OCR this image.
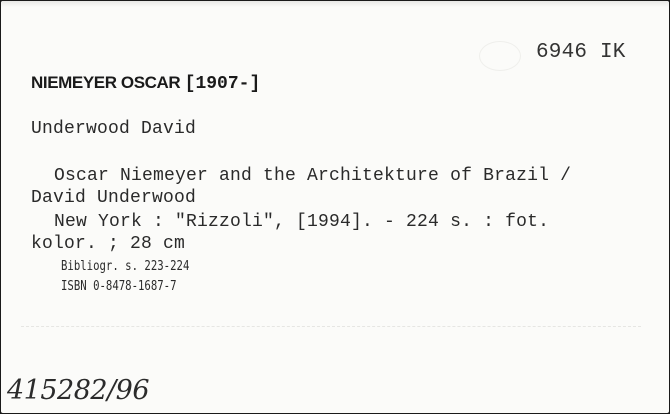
6946 IK
NIEMEYER OSCAR [1907-]
Underwood David
Oscar Niemeyer and the Architekture of Brazil /
David Underwood
New York : "Rizzoli", [1994]. - 224 s. : fot.
kolor. ; 28 cm
Bibliogr. s. 223-224
ISBN 0-8478-1687-7
415282/96
